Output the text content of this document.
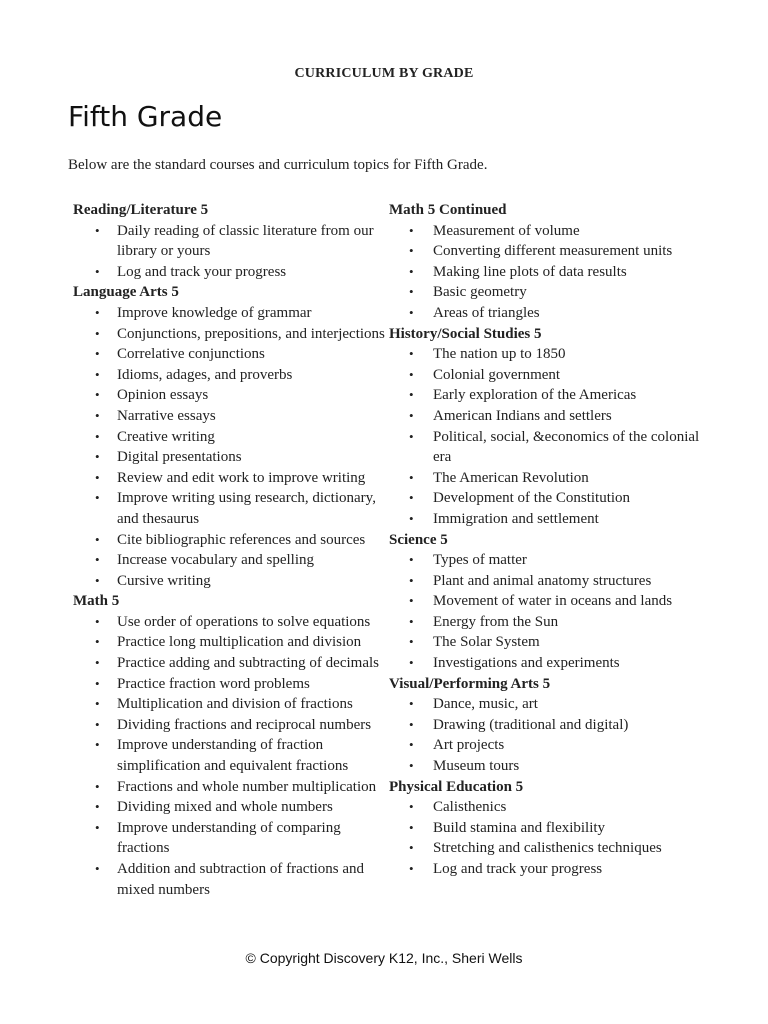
CURRICULUM BY GRADE
Fifth Grade
Below are the standard courses and curriculum topics for Fifth Grade.
Reading/Literature 5
• Daily reading of classic literature from our library or yours
• Log and track your progress
Language Arts 5
• Improve knowledge of grammar
• Conjunctions, prepositions, and interjections
• Correlative conjunctions
• Idioms, adages, and proverbs
• Opinion essays
• Narrative essays
• Creative writing
• Digital presentations
• Review and edit work to improve writing
• Improve writing using research, dictionary, and thesaurus
• Cite bibliographic references and sources
• Increase vocabulary and spelling
• Cursive writing
Math 5
• Use order of operations to solve equations
• Practice long multiplication and division
• Practice adding and subtracting of decimals
• Practice fraction word problems
• Multiplication and division of fractions
• Dividing fractions and reciprocal numbers
• Improve understanding of fraction simplification and equivalent fractions
• Fractions and whole number multiplication
• Dividing mixed and whole numbers
• Improve understanding of comparing fractions
• Addition and subtraction of fractions and mixed numbers
Math 5 Continued
• Measurement of volume
• Converting different measurement units
• Making line plots of data results
• Basic geometry
• Areas of triangles
History/Social Studies 5
• The nation up to 1850
• Colonial government
• Early exploration of the Americas
• American Indians and settlers
• Political, social, &economics of the colonial era
• The American Revolution
• Development of the Constitution
• Immigration and settlement
Science 5
• Types of matter
• Plant and animal anatomy structures
• Movement of water in oceans and lands
• Energy from the Sun
• The Solar System
• Investigations and experiments
Visual/Performing Arts 5
• Dance, music, art
• Drawing (traditional and digital)
• Art projects
• Museum tours
Physical Education 5
• Calisthenics
• Build stamina and flexibility
• Stretching and calisthenics techniques
• Log and track your progress
© Copyright Discovery K12, Inc., Sheri Wells
